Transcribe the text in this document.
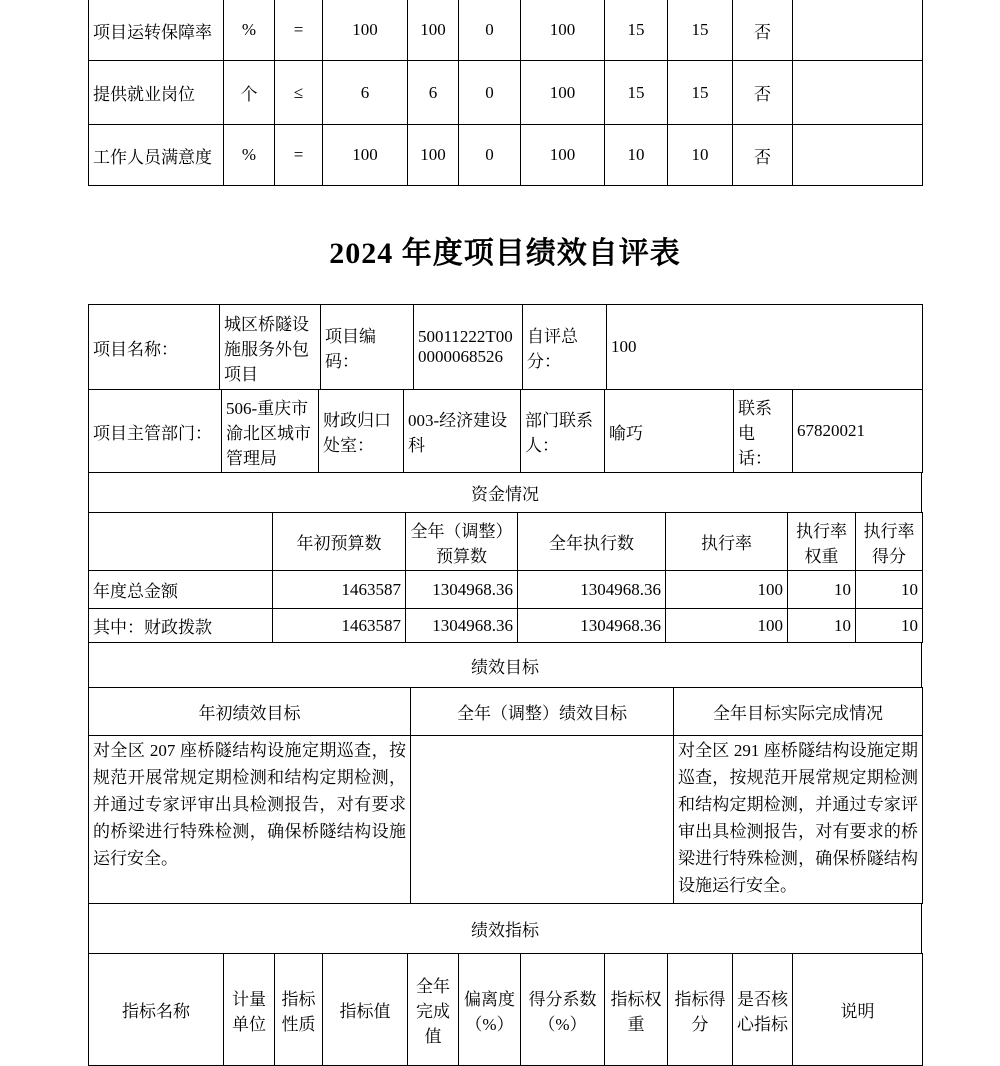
项目运转保障率	%	=	100	100	0	100	15	15	否	
提供就业岗位	个	≤	6	6	0	100	15	15	否	
工作人员满意度	%	=	100	100	0	100	10	10	否	
2024 年度项目绩效自评表
项目名称：	城区桥隧设施服务外包项目	项目编码：	50011222T000000068526	自评总分：	100
项目主管部门：	506-重庆市渝北区城市管理局	财政归口处室：	003-经济建设科	部门联系人：	喻巧	联系电话：	67820021
资金情况
	年初预算数	全年（调整）预算数	全年执行数	执行率	执行率权重	执行率得分
年度总金额	1463587	1304968.36	1304968.36	100	10	10
其中：财政拨款	1463587	1304968.36	1304968.36	100	10	10
绩效目标
年初绩效目标	全年（调整）绩效目标	全年目标实际完成情况
对全区 207 座桥隧结构设施定期巡查，按规范开展常规定期检测和结构定期检测，并通过专家评审出具检测报告，对有要求的桥梁进行特殊检测，确保桥隧结构设施运行安全。		对全区 291 座桥隧结构设施定期巡查，按规范开展常规定期检测和结构定期检测，并通过专家评审出具检测报告，对有要求的桥梁进行特殊检测，确保桥隧结构设施运行安全。
绩效指标
指标名称	计量单位	指标性质	指标值	全年完成值	偏离度（%）	得分系数（%）	指标权重	指标得分	是否核心指标	说明
